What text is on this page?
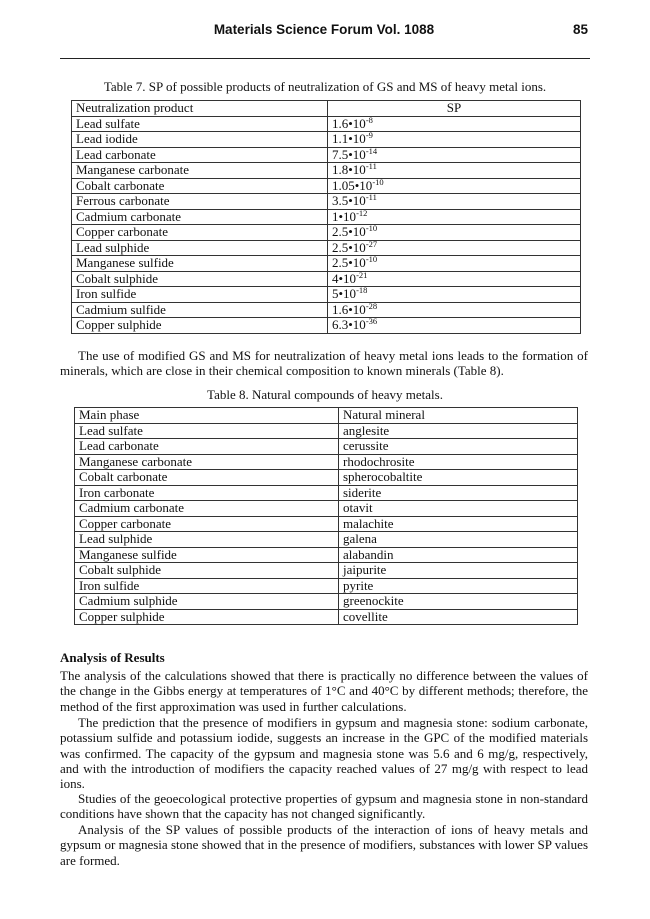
Materials Science Forum Vol. 1088	85
Table 7. SP of possible products of neutralization of GS and MS of heavy metal ions.
Neutralization product	SP
Lead sulfate	$1.6•10^{-8}$
Lead iodide	$1.1•10^{-9}$
Lead carbonate	$7.5•10^{-14}$
Manganese carbonate	$1.8•10^{-11}$
Cobalt carbonate	$1.05•10^{-10}$
Ferrous carbonate	$3.5•10^{-11}$
Cadmium carbonate	$1•10^{-12}$
Copper carbonate	$2.5•10^{-10}$
Lead sulphide	$2.5•10^{-27}$
Manganese sulfide	$2.5•10^{-10}$
Cobalt sulphide	$4•10^{-21}$
Iron sulfide	$5•10^{-18}$
Cadmium sulfide	$1.6•10^{-28}$
Copper sulphide	$6.3•10^{-36}$

The use of modified GS and MS for neutralization of heavy metal ions leads to the formation of minerals, which are close in their chemical composition to known minerals (Table 8).

Table 8. Natural compounds of heavy metals.
Main phase	Natural mineral
Lead sulfate	anglesite
Lead carbonate	cerussite
Manganese carbonate	rhodochrosite
Cobalt carbonate	spherocobaltite
Iron carbonate	siderite
Cadmium carbonate	otavit
Copper carbonate	malachite
Lead sulphide	galena
Manganese sulfide	alabandin
Cobalt sulphide	jaipurite
Iron sulfide	pyrite
Cadmium sulphide	greenockite
Copper sulphide	covellite
Analysis of Results

The analysis of the calculations showed that there is practically no difference between the values of the change in the Gibbs energy at temperatures of 1°C and 40°C by different methods; therefore, the method of the first approximation was used in further calculations.

The prediction that the presence of modifiers in gypsum and magnesia stone: sodium carbonate, potassium sulfide and potassium iodide, suggests an increase in the GPC of the modified materials was confirmed. The capacity of the gypsum and magnesia stone was 5.6 and 6 mg/g, respectively, and with the introduction of modifiers the capacity reached values of 27 mg/g with respect to lead ions.

Studies of the geoecological protective properties of gypsum and magnesia stone in non-standard conditions have shown that the capacity has not changed significantly.

Analysis of the SP values of possible products of the interaction of ions of heavy metals and gypsum or magnesia stone showed that in the presence of modifiers, substances with lower SP values are formed.
